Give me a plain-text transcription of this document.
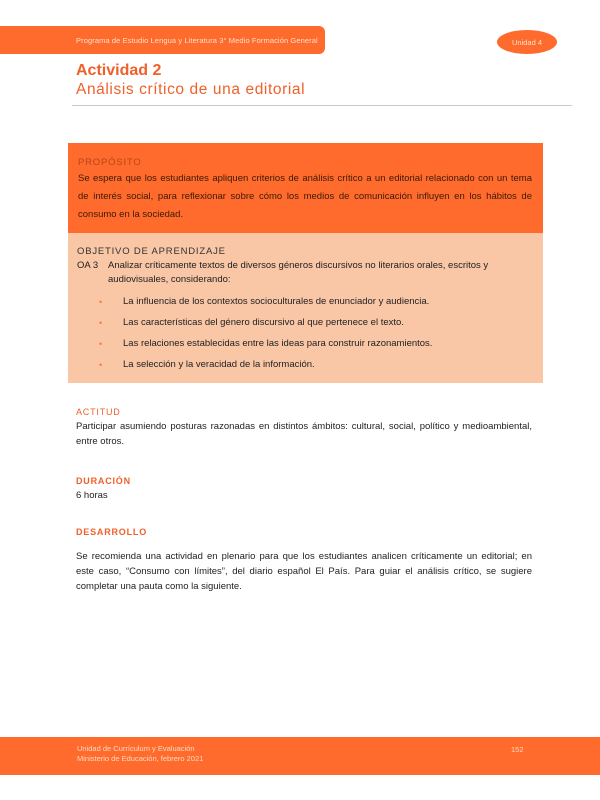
Programa de Estudio Lengua y Literatura 3° Medio Formación General	Unidad 4
Actividad 2
Análisis crítico de una editorial
PROPÓSITO
Se espera que los estudiantes apliquen criterios de análisis crítico a un editorial relacionado con un tema de interés social, para reflexionar sobre cómo los medios de comunicación influyen en los hábitos de consumo en la sociedad.
OBJETIVO DE APRENDIZAJE
OA 3	Analizar críticamente textos de diversos géneros discursivos no literarios orales, escritos y audiovisuales, considerando:
•	La influencia de los contextos socioculturales de enunciador y audiencia.
•	Las características del género discursivo al que pertenece el texto.
•	Las relaciones establecidas entre las ideas para construir razonamientos.
•	La selección y la veracidad de la información.
ACTITUD
Participar asumiendo posturas razonadas en distintos ámbitos: cultural, social, político y medioambiental, entre otros.
DURACIÓN
6 horas
DESARROLLO
Se recomienda una actividad en plenario para que los estudiantes analicen críticamente un editorial; en este caso, “Consumo con límites”, del diario español El País. Para guiar el análisis crítico, se sugiere completar una pauta como la siguiente.
Unidad de Currículum y Evaluación
Ministerio de Educación, febrero 2021
152
